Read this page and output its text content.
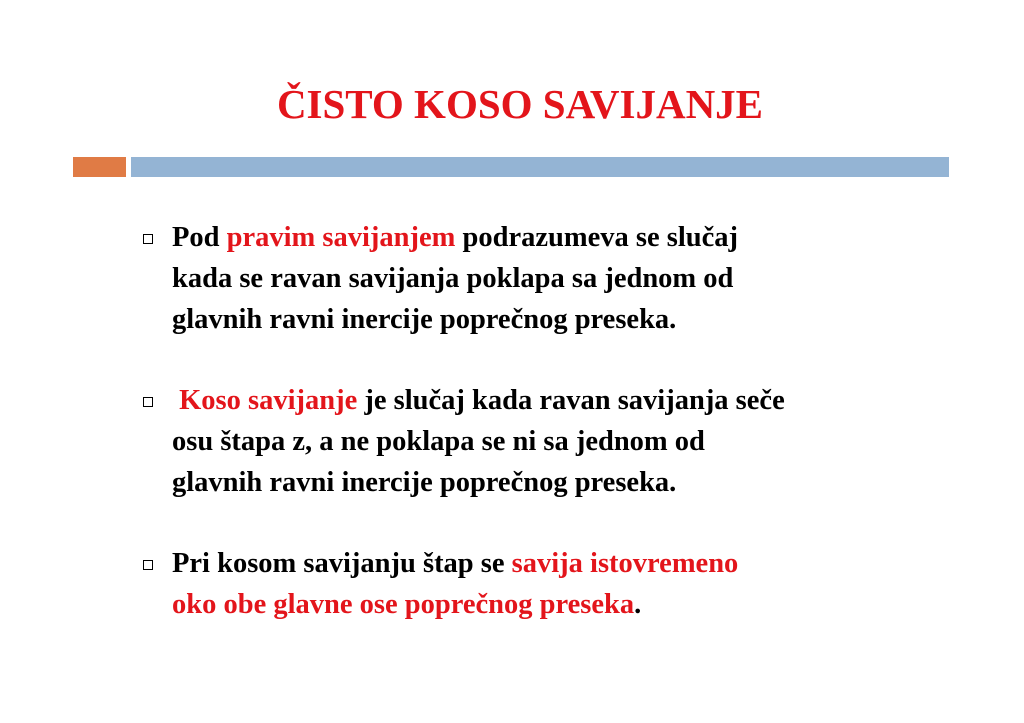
ČISTO KOSO SAVIJANJE
Pod pravim savijanjem podrazumeva se slučaj
kada se ravan savijanja poklapa sa jednom od
glavnih ravni inercije poprečnog preseka.
Koso savijanje je slučaj kada ravan savijanja seče
osu štapa z, a ne poklapa se ni sa jednom od
glavnih ravni inercije poprečnog preseka.
Pri kosom savijanju štap se savija istovremeno
oko obe glavne ose poprečnog preseka.
